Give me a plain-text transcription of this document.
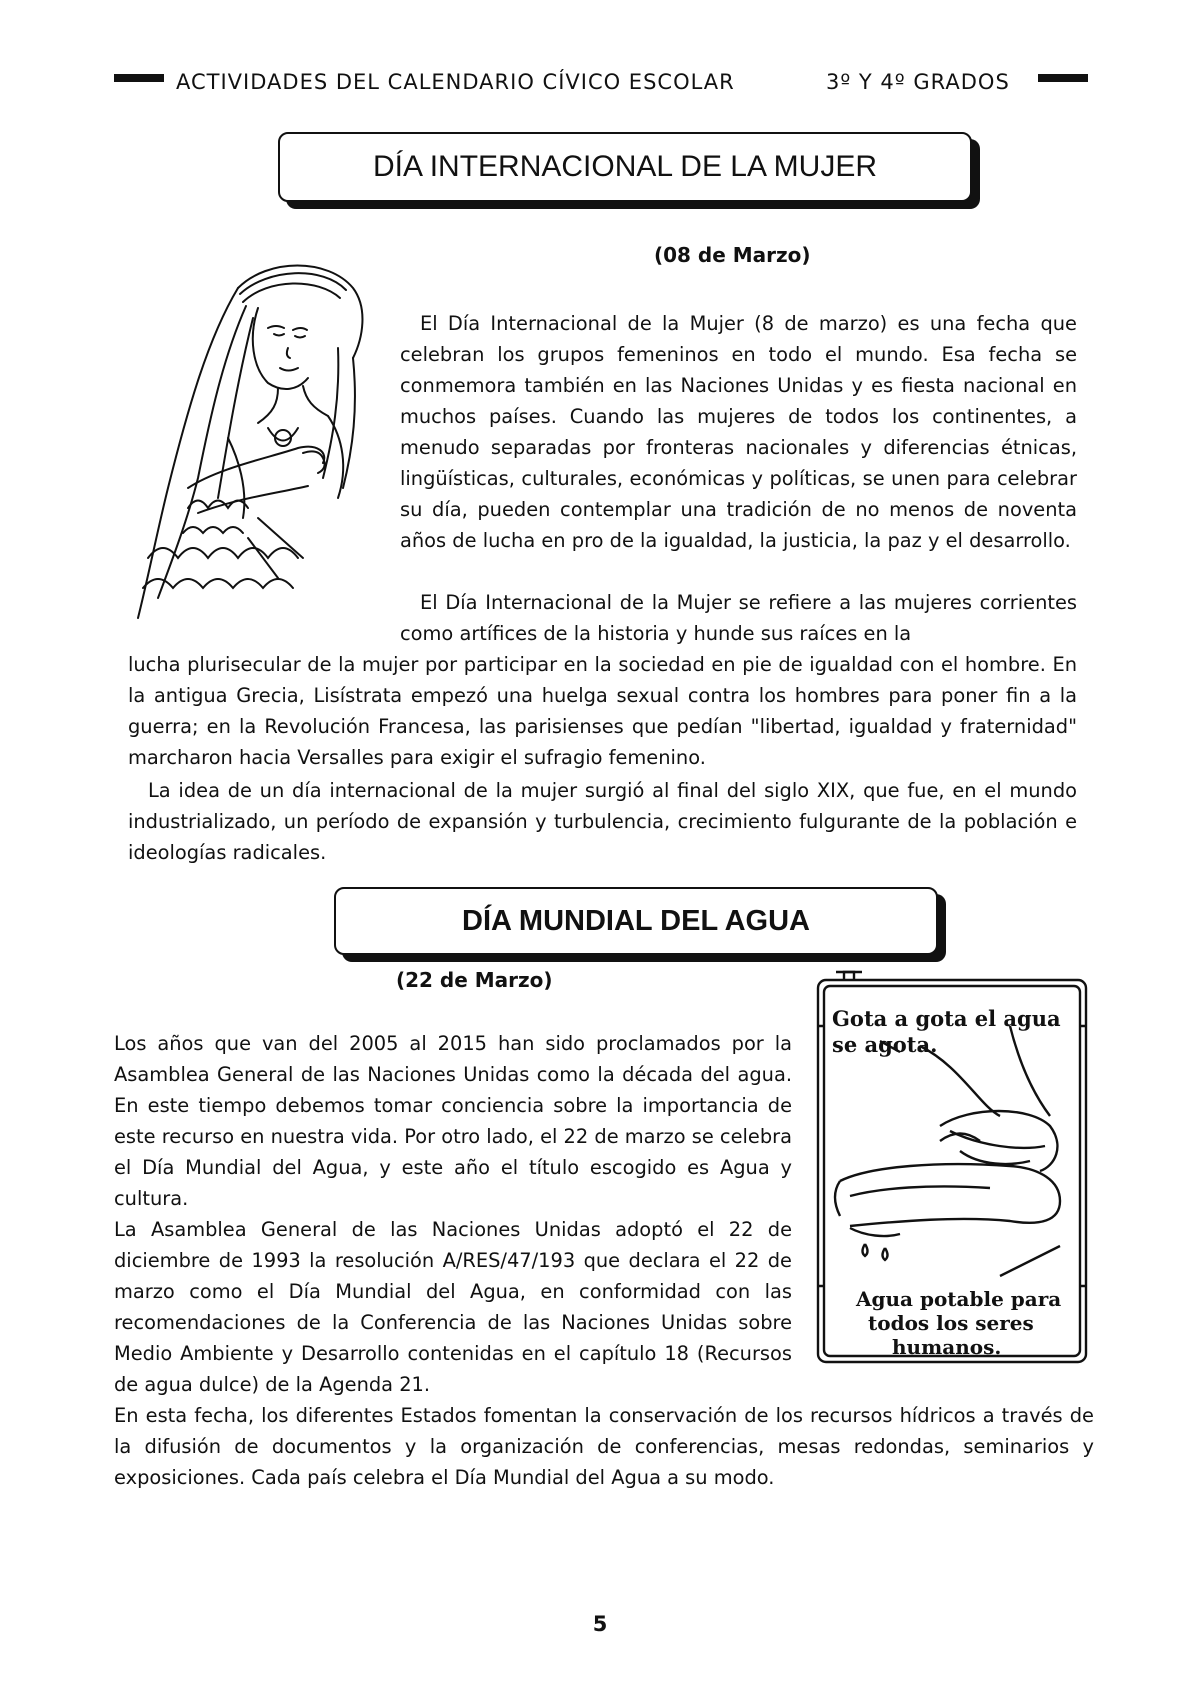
ACTIVIDADES DEL CALENDARIO CÍVICO ESCOLAR	3º Y 4º GRADOS
DÍA INTERNACIONAL DE LA MUJER
(08 de Marzo)

El Día Internacional de la Mujer (8 de marzo) es una fecha que celebran los grupos femeninos en todo el mundo. Esa fecha se conmemora también en las Naciones Unidas y es fiesta nacional en muchos países. Cuando las mujeres de todos los continentes, a menudo separadas por fronteras nacionales y diferencias étnicas, lingüísticas, culturales, económicas y políticas, se unen para celebrar su día, pueden contemplar una tradición de no menos de noventa años de lucha en pro de la igualdad, la justicia, la paz y el desarrollo.

El Día Internacional de la Mujer se refiere a las mujeres corrientes como artífices de la historia y hunde sus raíces en la

lucha plurisecular de la mujer por participar en la sociedad en pie de igualdad con el hombre. En la antigua Grecia, Lisístrata empezó una huelga sexual contra los hombres para poner fin a la guerra; en la Revolución Francesa, las parisienses que pedían "libertad, igualdad y fraternidad" marcharon hacia Versalles para exigir el sufragio femenino.

La idea de un día internacional de la mujer surgió al final del siglo XIX, que fue, en el mundo industrializado, un período de expansión y turbulencia, crecimiento fulgurante de la población e ideologías radicales.

DÍA MUNDIAL DEL AGUA
(22 de Marzo)
Gota a gota el agua
se agota.
Agua potable para
todos los seres
humanos.

Los años que van del 2005 al 2015 han sido proclamados por la Asamblea General de las Naciones Unidas como la década del agua. En este tiempo debemos tomar conciencia sobre la importancia de este recurso en nuestra vida. Por otro lado, el 22 de marzo se celebra el Día Mundial del Agua, y este año el título escogido es Agua y cultura.

La Asamblea General de las Naciones Unidas adoptó el 22 de diciembre de 1993 la resolución A/RES/47/193 que declara el 22 de marzo como el Día Mundial del Agua, en conformidad con las recomendaciones de la Conferencia de las Naciones Unidas sobre Medio Ambiente y Desarrollo contenidas en el capítulo 18 (Recursos de agua dulce) de la Agenda 21.

En esta fecha, los diferentes Estados fomentan la conservación de los recursos hídricos a través de la difusión de documentos y la organización de conferencias, mesas redondas, seminarios y exposiciones. Cada país celebra el Día Mundial del Agua a su modo.

5
